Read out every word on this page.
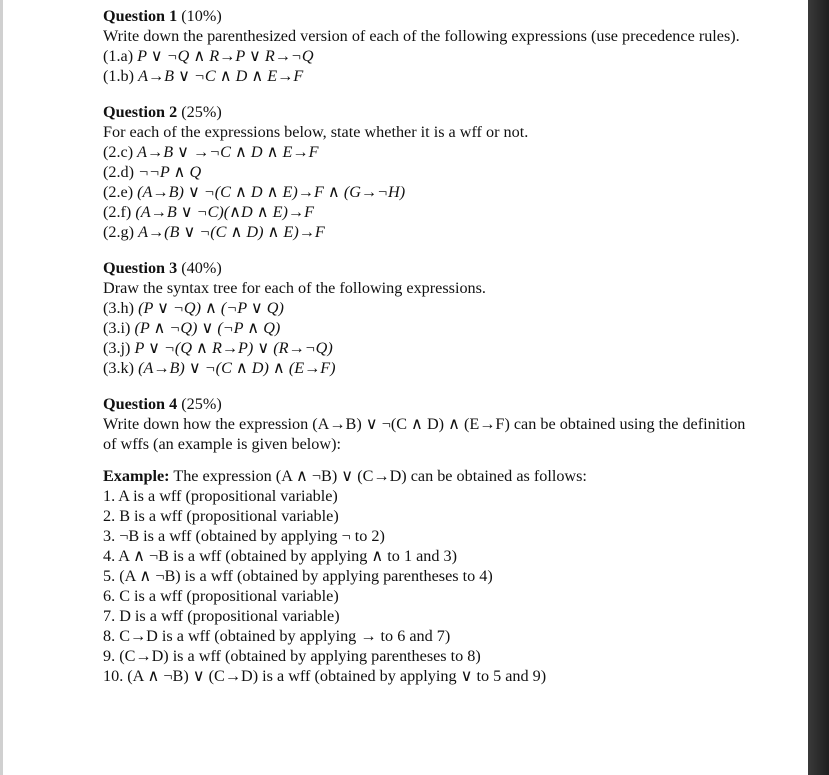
Question 1 (10%)
Write down the parenthesized version of each of the following expressions (use precedence rules).
(1.a) P ∨ ¬Q ∧ R→P ∨ R→¬Q
(1.b) A→B ∨ ¬C ∧ D ∧ E→F
Question 2 (25%)
For each of the expressions below, state whether it is a wff or not.
(2.c) A→B ∨ →¬C ∧ D ∧ E→F
(2.d) ¬¬P ∧ Q
(2.e) (A→B) ∨ ¬(C ∧ D ∧ E)→F ∧ (G→¬H)
(2.f) (A→B ∨ ¬C)(∧D ∧ E)→F
(2.g) A→(B ∨ ¬(C ∧ D) ∧ E)→F
Question 3 (40%)
Draw the syntax tree for each of the following expressions.
(3.h) (P ∨ ¬Q) ∧ (¬P ∨ Q)
(3.i) (P ∧ ¬Q) ∨ (¬P ∧ Q)
(3.j) P ∨ ¬(Q ∧ R→P) ∨ (R→¬Q)
(3.k) (A→B) ∨ ¬(C ∧ D) ∧ (E→F)
Question 4 (25%)
Write down how the expression (A→B) ∨ ¬(C ∧ D) ∧ (E→F) can be obtained using the definition
of wffs (an example is given below):
Example: The expression (A ∧ ¬B) ∨ (C→D) can be obtained as follows:
1. A is a wff (propositional variable)
2. B is a wff (propositional variable)
3. ¬B is a wff (obtained by applying ¬ to 2)
4. A ∧ ¬B is a wff (obtained by applying ∧ to 1 and 3)
5. (A ∧ ¬B) is a wff (obtained by applying parentheses to 4)
6. C is a wff (propositional variable)
7. D is a wff (propositional variable)
8. C→D is a wff (obtained by applying → to 6 and 7)
9. (C→D) is a wff (obtained by applying parentheses to 8)
10. (A ∧ ¬B) ∨ (C→D) is a wff (obtained by applying ∨ to 5 and 9)
